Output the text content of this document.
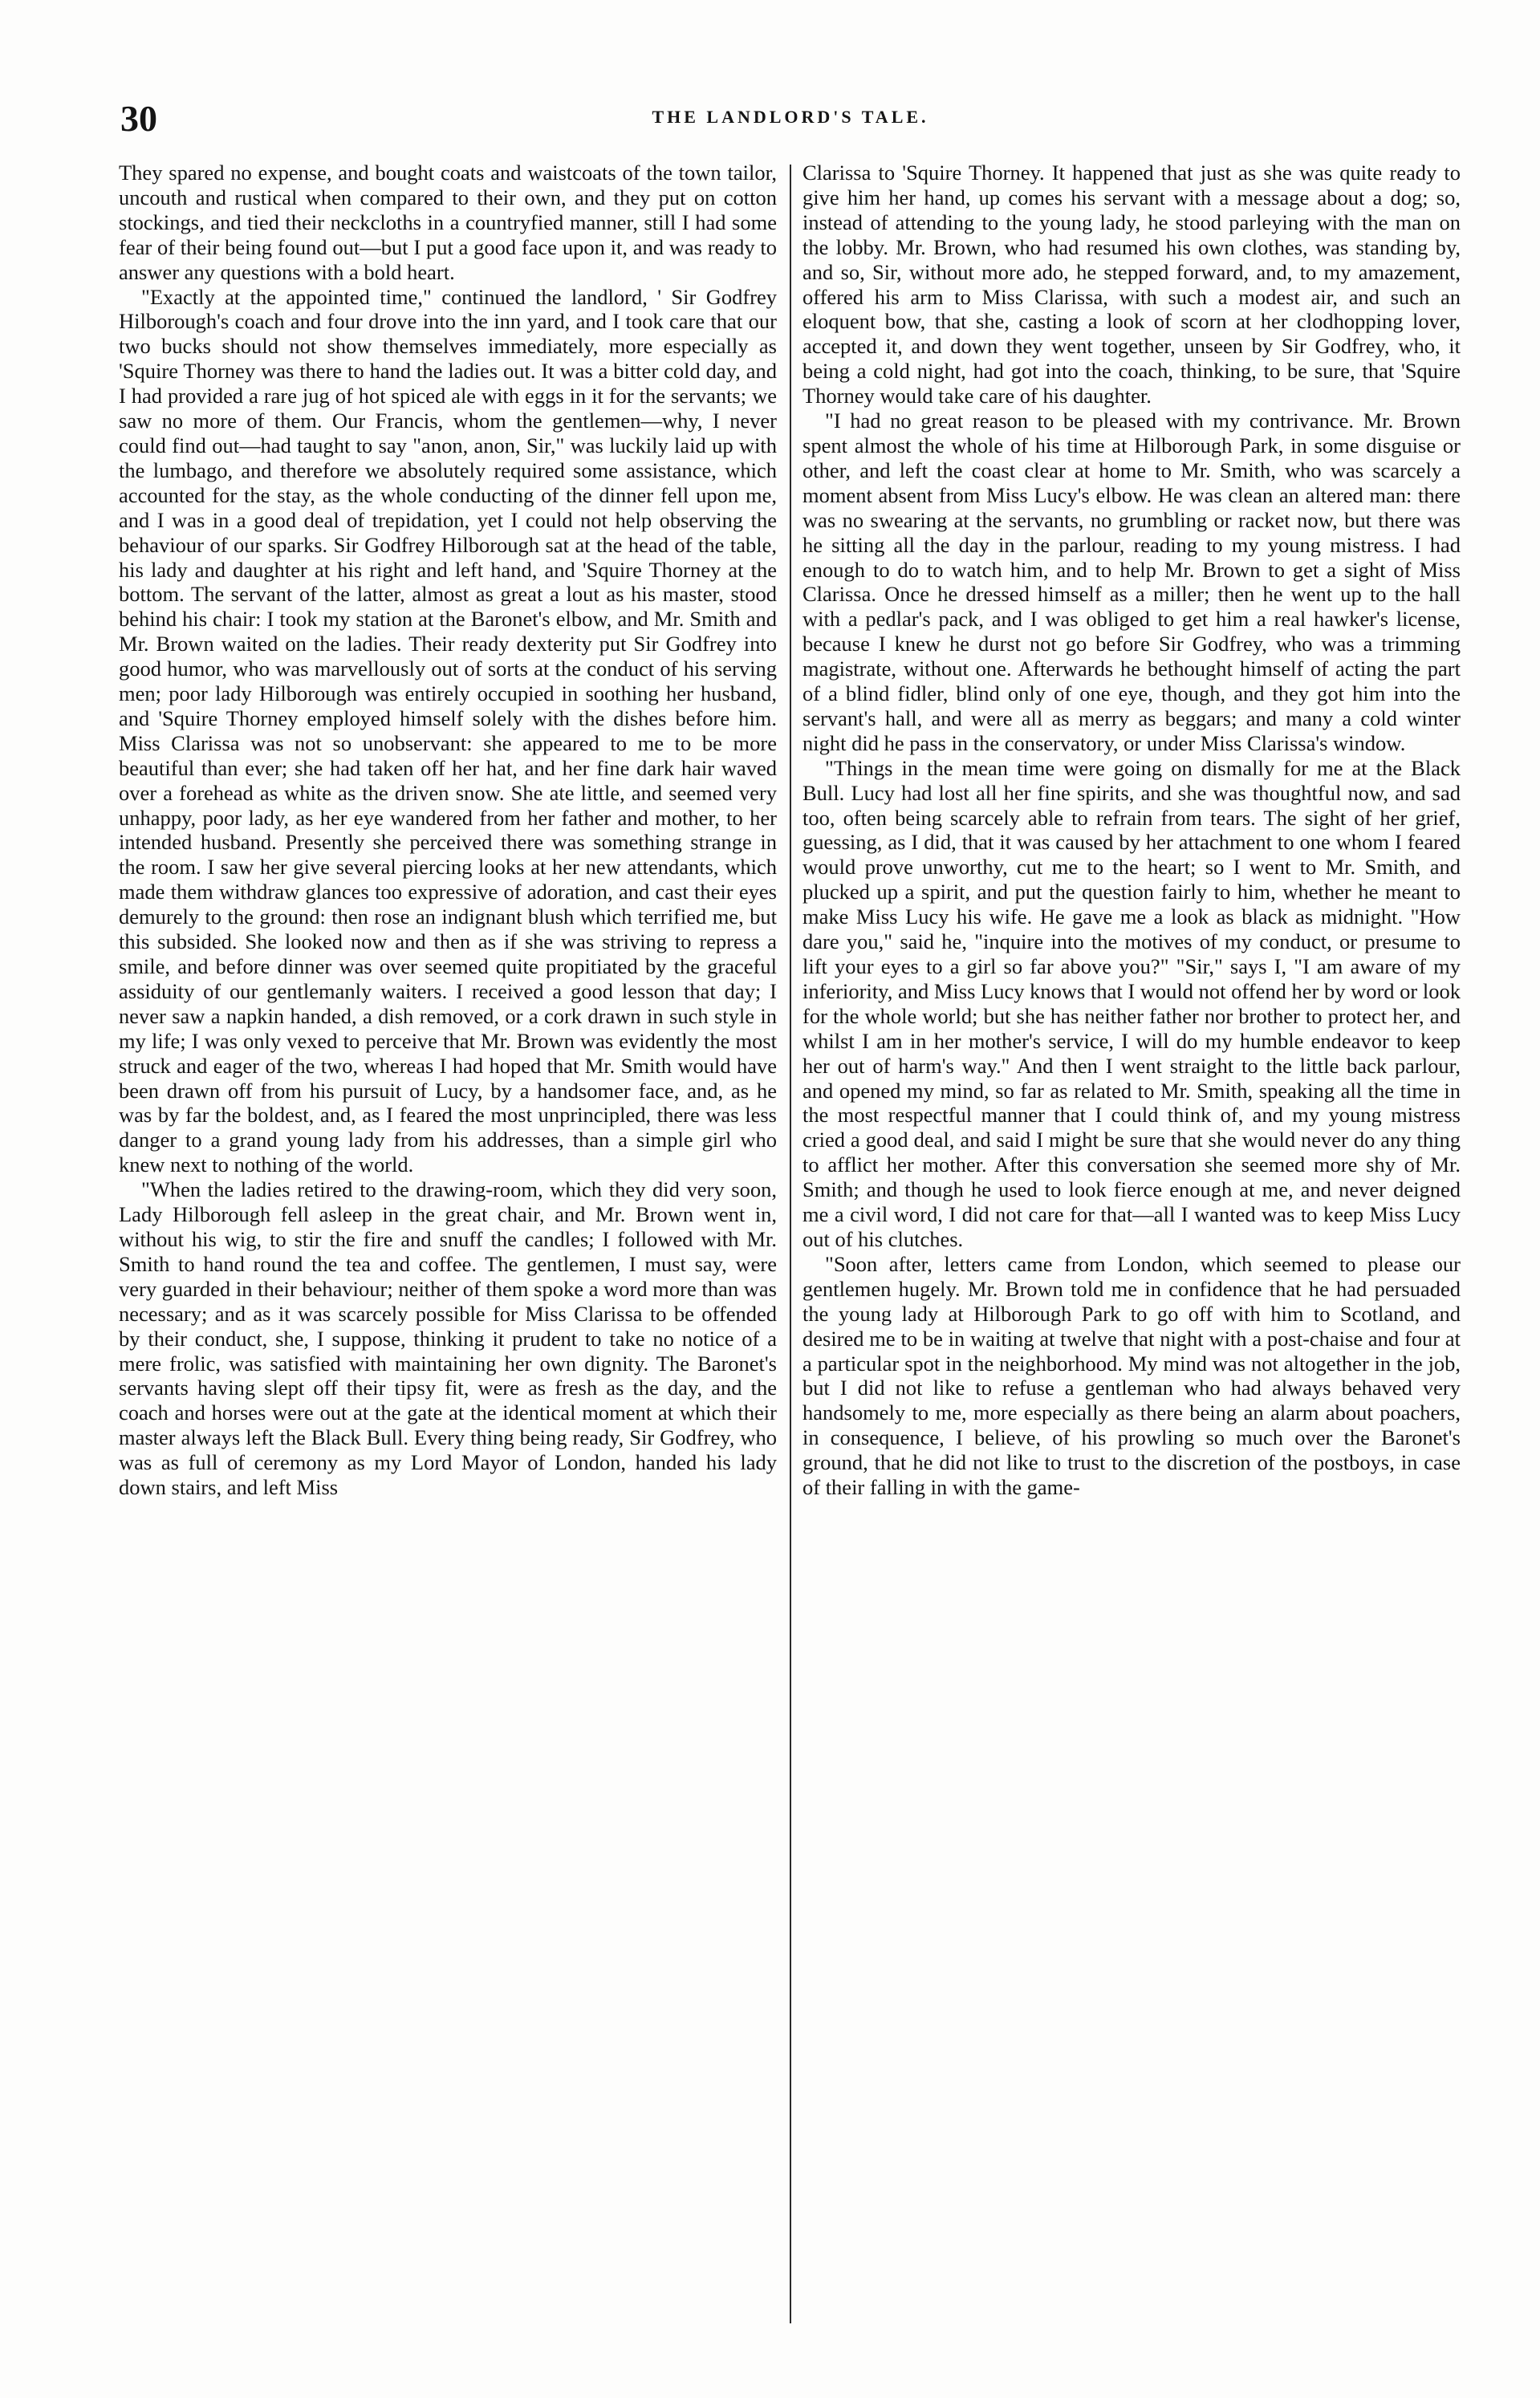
30	THE LANDLORD'S TALE.

They spared no expense, and bought coats and waistcoats of the town tailor, uncouth and rustical when compared to their own, and they put on cotton stockings, and tied their neckcloths in a countryfied manner, still I had some fear of their being found out—but I put a good face upon it, and was ready to answer any questions with a bold heart.

"Exactly at the appointed time," continued the landlord, ' Sir Godfrey Hilborough's coach and four drove into the inn yard, and I took care that our two bucks should not show themselves immediately, more especially as 'Squire Thorney was there to hand the ladies out. It was a bitter cold day, and I had provided a rare jug of hot spiced ale with eggs in it for the servants; we saw no more of them. Our Francis, whom the gentlemen—why, I never could find out—had taught to say "anon, anon, Sir," was luckily laid up with the lumbago, and therefore we absolutely required some assistance, which accounted for the stay, as the whole conducting of the dinner fell upon me, and I was in a good deal of trepidation, yet I could not help observing the behaviour of our sparks. Sir Godfrey Hilborough sat at the head of the table, his lady and daughter at his right and left hand, and 'Squire Thorney at the bottom. The servant of the latter, almost as great a lout as his master, stood behind his chair: I took my station at the Baronet's elbow, and Mr. Smith and Mr. Brown waited on the ladies. Their ready dexterity put Sir Godfrey into good humor, who was marvellously out of sorts at the conduct of his serving men; poor lady Hilborough was entirely occupied in soothing her husband, and 'Squire Thorney employed himself solely with the dishes before him. Miss Clarissa was not so unobservant: she appeared to me to be more beautiful than ever; she had taken off her hat, and her fine dark hair waved over a forehead as white as the driven snow. She ate little, and seemed very unhappy, poor lady, as her eye wandered from her father and mother, to her intended husband. Presently she perceived there was something strange in the room. I saw her give several piercing looks at her new attendants, which made them withdraw glances too expressive of adoration, and cast their eyes demurely to the ground: then rose an indignant blush which terrified me, but this subsided. She looked now and then as if she was striving to repress a smile, and before dinner was over seemed quite propitiated by the graceful assiduity of our gentlemanly waiters. I received a good lesson that day; I never saw a napkin handed, a dish removed, or a cork drawn in such style in my life; I was only vexed to perceive that Mr. Brown was evidently the most struck and eager of the two, whereas I had hoped that Mr. Smith would have been drawn off from his pursuit of Lucy, by a handsomer face, and, as he was by far the boldest, and, as I feared the most unprincipled, there was less danger to a grand young lady from his addresses, than a simple girl who knew next to nothing of the world.

"When the ladies retired to the drawing-room, which they did very soon, Lady Hilborough fell asleep in the great chair, and Mr. Brown went in, without his wig, to stir the fire and snuff the candles; I followed with Mr. Smith to hand round the tea and coffee. The gentlemen, I must say, were very guarded in their behaviour; neither of them spoke a word more than was necessary; and as it was scarcely possible for Miss Clarissa to be offended by their conduct, she, I suppose, thinking it prudent to take no notice of a mere frolic, was satisfied with maintaining her own dignity. The Baronet's servants having slept off their tipsy fit, were as fresh as the day, and the coach and horses were out at the gate at the identical moment at which their master always left the Black Bull. Every thing being ready, Sir Godfrey, who was as full of ceremony as my Lord Mayor of London, handed his lady down stairs, and left Miss

Clarissa to 'Squire Thorney. It happened that just as she was quite ready to give him her hand, up comes his servant with a message about a dog; so, instead of attending to the young lady, he stood parleying with the man on the lobby. Mr. Brown, who had resumed his own clothes, was standing by, and so, Sir, without more ado, he stepped forward, and, to my amazement, offered his arm to Miss Clarissa, with such a modest air, and such an eloquent bow, that she, casting a look of scorn at her clodhopping lover, accepted it, and down they went together, unseen by Sir Godfrey, who, it being a cold night, had got into the coach, thinking, to be sure, that 'Squire Thorney would take care of his daughter.

"I had no great reason to be pleased with my contrivance. Mr. Brown spent almost the whole of his time at Hilborough Park, in some disguise or other, and left the coast clear at home to Mr. Smith, who was scarcely a moment absent from Miss Lucy's elbow. He was clean an altered man: there was no swearing at the servants, no grumbling or racket now, but there was he sitting all the day in the parlour, reading to my young mistress. I had enough to do to watch him, and to help Mr. Brown to get a sight of Miss Clarissa. Once he dressed himself as a miller; then he went up to the hall with a pedlar's pack, and I was obliged to get him a real hawker's license, because I knew he durst not go before Sir Godfrey, who was a trimming magistrate, without one. Afterwards he bethought himself of acting the part of a blind fidler, blind only of one eye, though, and they got him into the servant's hall, and were all as merry as beggars; and many a cold winter night did he pass in the conservatory, or under Miss Clarissa's window.

"Things in the mean time were going on dismally for me at the Black Bull. Lucy had lost all her fine spirits, and she was thoughtful now, and sad too, often being scarcely able to refrain from tears. The sight of her grief, guessing, as I did, that it was caused by her attachment to one whom I feared would prove unworthy, cut me to the heart; so I went to Mr. Smith, and plucked up a spirit, and put the question fairly to him, whether he meant to make Miss Lucy his wife. He gave me a look as black as midnight. "How dare you," said he, "inquire into the motives of my conduct, or presume to lift your eyes to a girl so far above you?" "Sir," says I, "I am aware of my inferiority, and Miss Lucy knows that I would not offend her by word or look for the whole world; but she has neither father nor brother to protect her, and whilst I am in her mother's service, I will do my humble endeavor to keep her out of harm's way." And then I went straight to the little back parlour, and opened my mind, so far as related to Mr. Smith, speaking all the time in the most respectful manner that I could think of, and my young mistress cried a good deal, and said I might be sure that she would never do any thing to afflict her mother. After this conversation she seemed more shy of Mr. Smith; and though he used to look fierce enough at me, and never deigned me a civil word, I did not care for that—all I wanted was to keep Miss Lucy out of his clutches.

"Soon after, letters came from London, which seemed to please our gentlemen hugely. Mr. Brown told me in confidence that he had persuaded the young lady at Hilborough Park to go off with him to Scotland, and desired me to be in waiting at twelve that night with a post-chaise and four at a particular spot in the neighborhood. My mind was not altogether in the job, but I did not like to refuse a gentleman who had always behaved very handsomely to me, more especially as there being an alarm about poachers, in consequence, I believe, of his prowling so much over the Baronet's ground, that he did not like to trust to the discretion of the postboys, in case of their falling in with the game-
